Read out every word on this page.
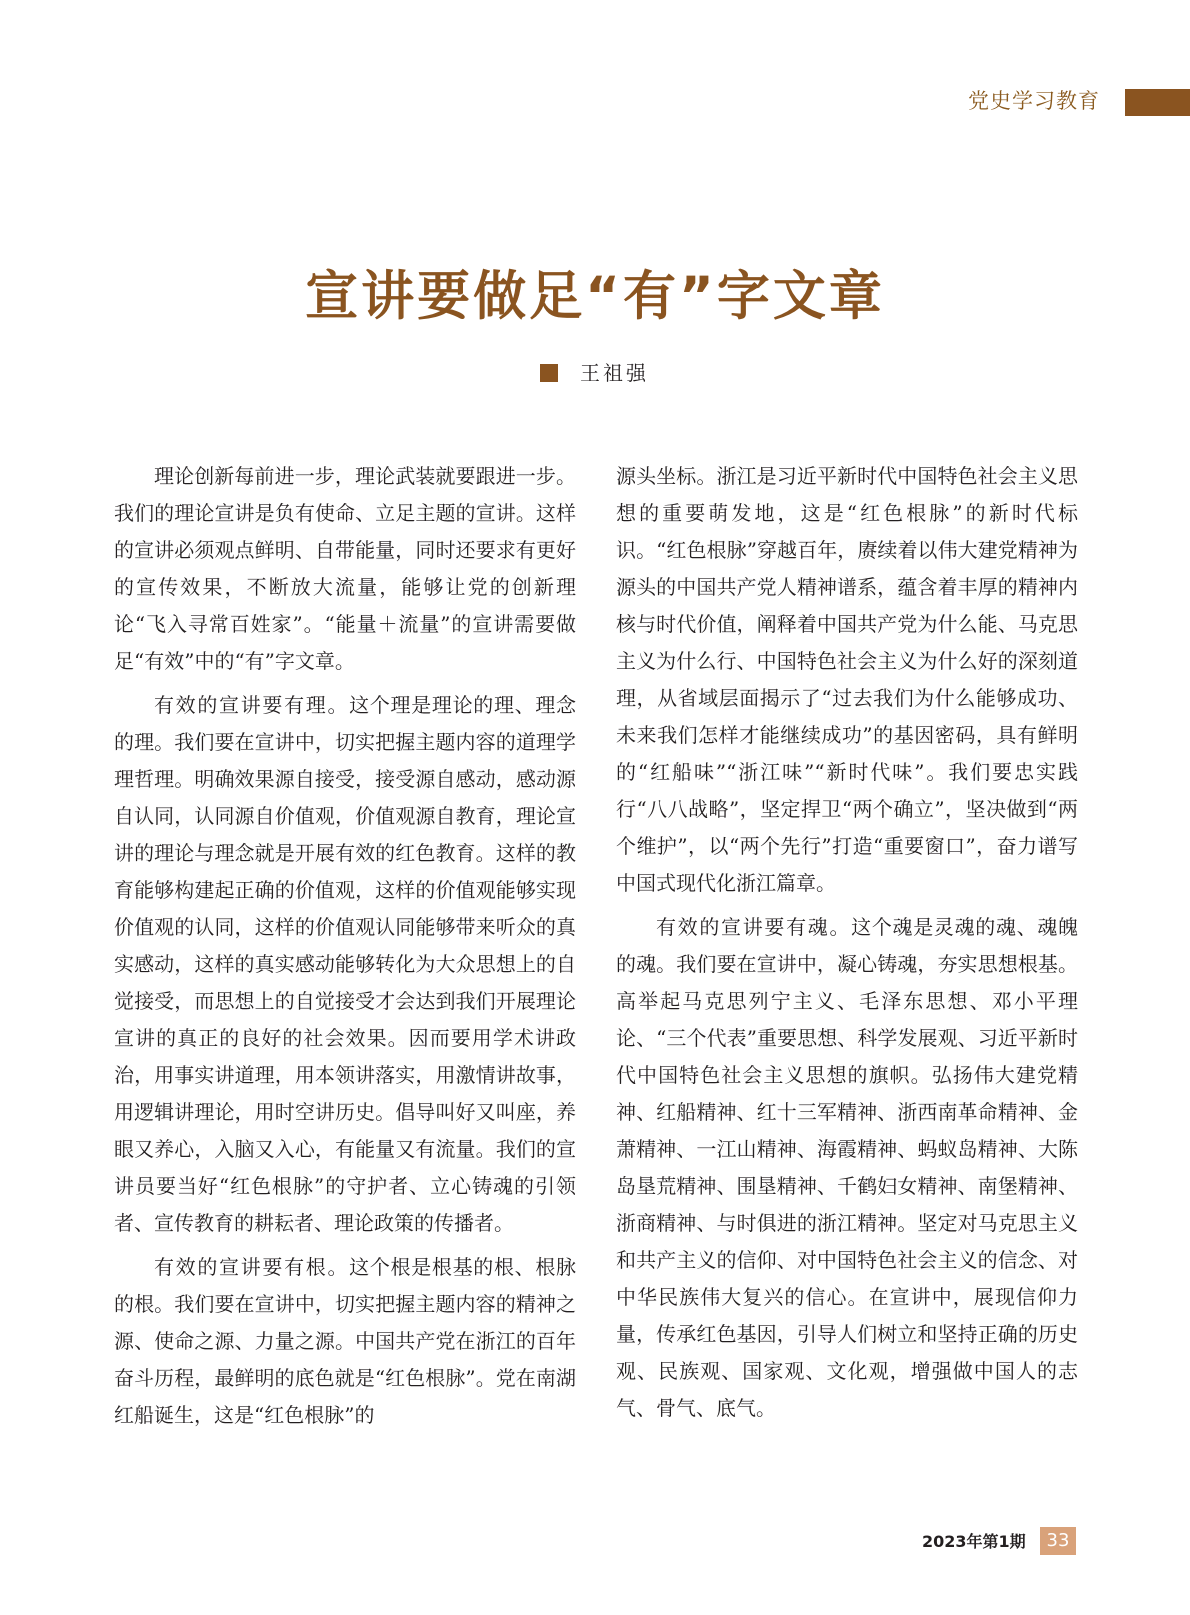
党史学习教育
宣讲要做足“有”字文章
王祖强

理论创新每前进一步，理论武装就要跟进一步。我们的理论宣讲是负有使命、立足主题的宣讲。这样的宣讲必须观点鲜明、自带能量，同时还要求有更好的宣传效果，不断放大流量，能够让党的创新理论“飞入寻常百姓家”。“能量＋流量”的宣讲需要做足“有效”中的“有”字文章。

有效的宣讲要有理。这个理是理论的理、理念的理。我们要在宣讲中，切实把握主题内容的道理学理哲理。明确效果源自接受，接受源自感动，感动源自认同，认同源自价值观，价值观源自教育，理论宣讲的理论与理念就是开展有效的红色教育。这样的教育能够构建起正确的价值观，这样的价值观能够实现价值观的认同，这样的价值观认同能够带来听众的真实感动，这样的真实感动能够转化为大众思想上的自觉接受，而思想上的自觉接受才会达到我们开展理论宣讲的真正的良好的社会效果。因而要用学术讲政治，用事实讲道理，用本领讲落实，用激情讲故事，用逻辑讲理论，用时空讲历史。倡导叫好又叫座，养眼又养心，入脑又入心，有能量又有流量。我们的宣讲员要当好“红色根脉”的守护者、立心铸魂的引领者、宣传教育的耕耘者、理论政策的传播者。

有效的宣讲要有根。这个根是根基的根、根脉的根。我们要在宣讲中，切实把握主题内容的精神之源、使命之源、力量之源。中国共产党在浙江的百年奋斗历程，最鲜明的底色就是“红色根脉”。党在南湖红船诞生，这是“红色根脉”的

源头坐标。浙江是习近平新时代中国特色社会主义思想的重要萌发地，这是“红色根脉”的新时代标识。“红色根脉”穿越百年，赓续着以伟大建党精神为源头的中国共产党人精神谱系，蕴含着丰厚的精神内核与时代价值，阐释着中国共产党为什么能、马克思主义为什么行、中国特色社会主义为什么好的深刻道理，从省域层面揭示了“过去我们为什么能够成功、未来我们怎样才能继续成功”的基因密码，具有鲜明的“红船味”“浙江味”“新时代味”。我们要忠实践行“八八战略”，坚定捍卫“两个确立”，坚决做到“两个维护”，以“两个先行”打造“重要窗口”，奋力谱写中国式现代化浙江篇章。

有效的宣讲要有魂。这个魂是灵魂的魂、魂魄的魂。我们要在宣讲中，凝心铸魂，夯实思想根基。高举起马克思列宁主义、毛泽东思想、邓小平理论、“三个代表”重要思想、科学发展观、习近平新时代中国特色社会主义思想的旗帜。弘扬伟大建党精神、红船精神、红十三军精神、浙西南革命精神、金萧精神、一江山精神、海霞精神、蚂蚁岛精神、大陈岛垦荒精神、围垦精神、千鹤妇女精神、南堡精神、浙商精神、与时俱进的浙江精神。坚定对马克思主义和共产主义的信仰、对中国特色社会主义的信念、对中华民族伟大复兴的信心。在宣讲中，展现信仰力量，传承红色基因，引导人们树立和坚持正确的历史观、民族观、国家观、文化观，增强做中国人的志气、骨气、底气。

2023年第1期	33
